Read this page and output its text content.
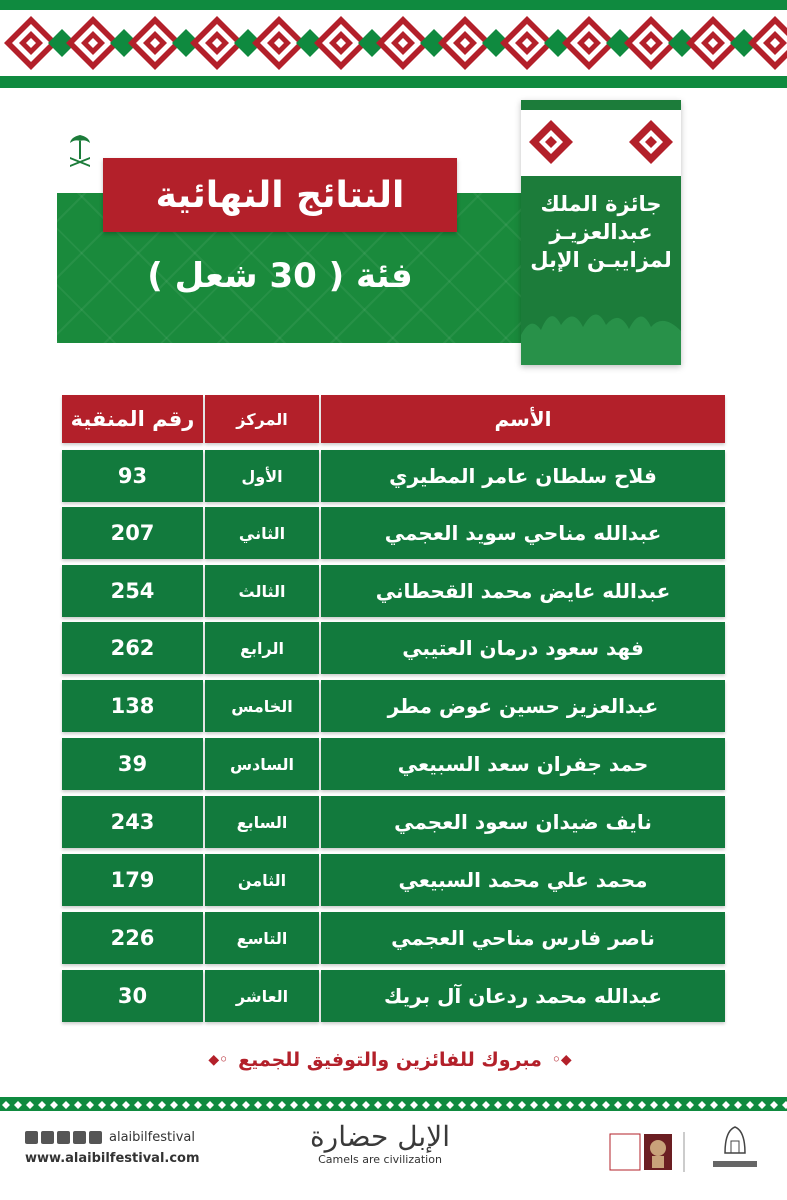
النتائج النهائية
فئة ( 30 شعل )
جائزة الملك
عبدالعزيـز
لمزايبـن الإبل
الأسم
المركز
رقم المنقية
فلاح سلطان عامر المطيري
الأول
93
عبدالله مناحي سويد العجمي
الثاني
207
عبدالله عايض محمد القحطاني
الثالث
254
فهد سعود درمان العتيبي
الرابع
262
عبدالعزيز حسين عوض مطر
الخامس
138
حمد جفران سعد السبيعي
السادس
39
نايف ضيدان سعود العجمي
السابع
243
محمد علي محمد السبيعي
الثامن
179
ناصر فارس مناحي العجمي
التاسع
226
عبدالله محمد ردعان آل بريك
العاشر
30
◆◦ مبروك للفائزين والتوفيق للجميع ◦◆
alaibilfestival
www.alaibilfestival.com
الإبل حضارة
Camels are civilization
